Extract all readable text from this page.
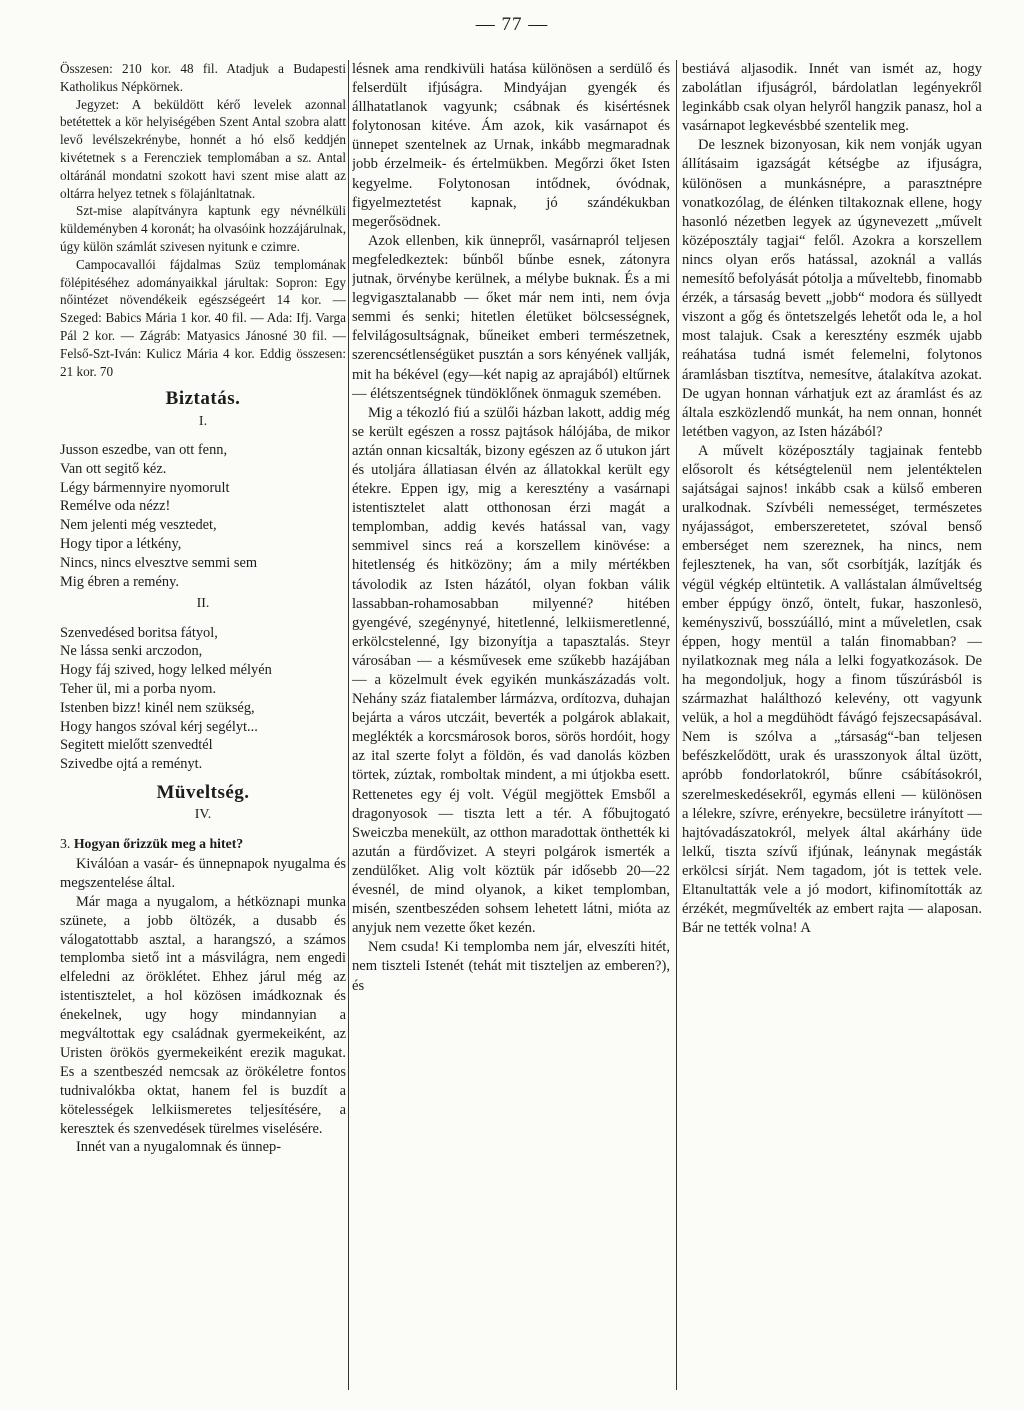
— 77 —

Összesen: 210 kor. 48 fil. Atadjuk a Budapesti Katholikus Népkörnek.

Jegyzet: A beküldött kérő levelek azonnal betétettek a kör helyiségében Szent Antal szobra alatt levő levélszekrénybe, honnét a hó első keddjén kivétetnek s a Ferencziek templomában a sz. Antal oltáránál mondatni szokott havi szent mise alatt az oltárra helyez tetnek s fölajánltatnak.

Szt-mise alapítványra kaptunk egy névnélküli küldeményben 4 koronát; ha olvasóink hozzájárulnak, úgy külön számlát szivesen nyitunk e czimre.

Campocavallói fájdalmas Szüz templomának fölépitéséhez adományaikkal járultak: Sopron: Egy nőintézet növendékeik egészségeért 14 kor. — Szeged: Babics Mária 1 kor. 40 fil. — Ada: Ifj. Varga Pál 2 kor. — Zágráb: Matyasics Jánosné 30 fil. — Felső-Szt-Iván: Kulicz Mária 4 kor. Eddig összesen: 21 kor. 70

Biztatás.
I.
Jusson eszedbe, van ott fenn,
Van ott segitő kéz.
Légy bármennyire nyomorult
Remélve oda nézz!
Nem jelenti még vesztedet,
Hogy tipor a létkény,
Nincs, nincs elvesztve semmi sem
Mig ébren a remény.
II.
Szenvedésed boritsa fátyol,
Ne lássa senki arczodon,
Hogy fáj szived, hogy lelked mélyén
Teher ül, mi a porba nyom.
Istenben bizz! kinél nem szükség,
Hogy hangos szóval kérj segélyt...
Segitett mielőtt szenvedtél
Szivedbe ojtá a reményt.
Müveltség.
IV.
3. Hogyan őrizzük meg a hitet?

Kiválóan a vasár- és ünnepnapok nyugalma és megszentelése által.

Már maga a nyugalom, a hétköznapi munka szünete, a jobb öltözék, a dusabb és válogatottabb asztal, a harangszó, a számos templomba siető int a másvilágra, nem engedi elfeledni az öröklétet. Ehhez járul még az istentisztelet, a hol közösen imádkoznak és énekelnek, ugy hogy mindannyian a megváltottak egy családnak gyermekeiként, az Uristen örökös gyermekeiként erezik magukat. Es a szentbeszéd nemcsak az örökéletre fontos tudnivalókba oktat, hanem fel is buzdít a kötelességek lelkiismeretes teljesítésére, a keresztek és szenvedések türelmes viselésére.

Innét van a nyugalomnak és ünnep-

lésnek ama rendkivüli hatása különösen a serdülő és felserdült ifjúságra. Mindyájan gyengék és állhatatlanok vagyunk; csábnak és kisértésnek folytonosan kitéve. Ám azok, kik vasárnapot és ünnepet szentelnek az Urnak, inkább megmaradnak jobb érzelmeik- és értelmükben. Megőrzi őket Isten kegyelme. Folytonosan intődnek, óvódnak, figyelmeztetést kapnak, jó szándékukban megerősödnek.

Azok ellenben, kik ünnepről, vasárnapról teljesen megfeledkeztek: bűnből bűnbe esnek, zátonyra jutnak, örvénybe kerülnek, a mélybe buknak. És a mi legvigasztalanabb — őket már nem inti, nem óvja semmi és senki; hitetlen életüket bölcsességnek, felvilágosultságnak, bűneiket emberi természetnek, szerencsétlenségüket pusztán a sors kényének vallják, mit ha békével (egy—két napig az aprajából) eltűrnek — élétszentségnek tündöklőnek önmaguk szemében.

Mig a tékozló fiú a szülői házban lakott, addig még se került egészen a rossz pajtások hálójába, de mikor aztán onnan kicsalták, bizony egészen az ő utukon járt és utoljára állatiasan élvén az állatokkal került egy étekre. Eppen igy, mig a keresztény a vasárnapi istentisztelet alatt otthonosan érzi magát a templomban, addig kevés hatással van, vagy semmivel sincs reá a korszellem kinövése: a hitetlenség és hitközöny; ám a mily mértékben távolodik az Isten házától, olyan fokban válik lassabban-rohamosabban milyenné? hitében gyengévé, szegénynyé, hitetlenné, lelkiismeretlenné, erkölcstelenné, Igy bizonyítja a tapasztalás. Steyr városában — a késművesek eme szűkebb hazájában — a közelmult évek egyikén munkászázadás volt. Nehány száz fiatalember lármázva, ordítozva, duhajan bejárta a város utczáit, beverték a polgárok ablakait, meglékték a korcsmárosok boros, sörös hordóit, hogy az ital szerte folyt a földön, és vad danolás közben törtek, zúztak, romboltak mindent, a mi útjokba esett. Rettenetes egy éj volt. Végül megjöttek Emsből a dragonyosok — tiszta lett a tér. A főbujtogató Sweiczba menekült, az otthon maradottak önthették ki azután a fürdővizet. A steyri polgárok ismerték a zendülőket. Alig volt köztük pár idősebb 20—22 évesnél, de mind olyanok, a kiket templomban, misén, szentbeszéden sohsem lehetett látni, mióta az anyjuk nem vezette őket kezén.

Nem csuda! Ki templomba nem jár, elveszíti hitét, nem tiszteli Istenét (tehát mit tiszteljen az emberen?), és

bestiává aljasodik. Innét van ismét az, hogy zabolátlan ifjuságról, bárdolatlan legényekről leginkább csak olyan helyről hangzik panasz, hol a vasárnapot legkevésbbé szentelik meg.

De lesznek bizonyosan, kik nem vonják ugyan állításaim igazságát kétségbe az ifjuságra, különösen a munkásnépre, a parasztnépre vonatkozólag, de élénken tiltakoznak ellene, hogy hasonló nézetben legyek az úgynevezett „művelt középosztály tagjai“ felől. Azokra a korszellem nincs olyan erős hatással, azoknál a vallás nemesítő befolyását pótolja a műveltebb, finomabb érzék, a társaság bevett „jobb“ modora és süllyedt viszont a gőg és öntetszelgés lehetőt oda le, a hol most talajuk. Csak a keresztény eszmék ujabb reáhatása tudná ismét felemelni, folytonos áramlásban tisztítva, nemesítve, átalakítva azokat. De ugyan honnan várhatjuk ezt az áramlást és az általa eszközlendő munkát, ha nem onnan, honnét letétben vagyon, az Isten házából?

A művelt középosztály tagjainak fentebb elősorolt és kétségtelenül nem jelentéktelen sajátságai sajnos! inkább csak a külső emberen uralkodnak. Szívbéli nemességet, természetes nyájasságot, emberszeretetet, szóval benső emberséget nem szereznek, ha nincs, nem fejlesztenek, ha van, sőt csorbítják, lazítják és végül végkép eltüntetik. A vallástalan álműveltség ember éppúgy önző, öntelt, fukar, haszonlesö, keményszivű, bosszúálló, mint a műveletlen, csak éppen, hogy mentül a talán finomabban? — nyilatkoznak meg nála a lelki fogyatkozások. De ha megondoljuk, hogy a finom tűszúrásból is származhat halálthozó kelevény, ott vagyunk velük, a hol a megdühödt fávágó fejszecsapásával. Nem is szólva a „társaság“-ban teljesen befészkelődött, urak és urasszonyok által üzött, apróbb fondorlatokról, bűnre csábításokról, szerelmeskedésekről, egymás elleni — különösen a lélekre, szívre, erényekre, becsületre irányított — hajtóvadászatokról, melyek által akárhány üde lelkű, tiszta szívű ifjúnak, leánynak megásták erkölcsi sírját. Nem tagadom, jót is tettek vele. Eltanultatták vele a jó modort, kifinomították az érzékét, megművelték az embert rajta — alaposan. Bár ne tették volna! A
